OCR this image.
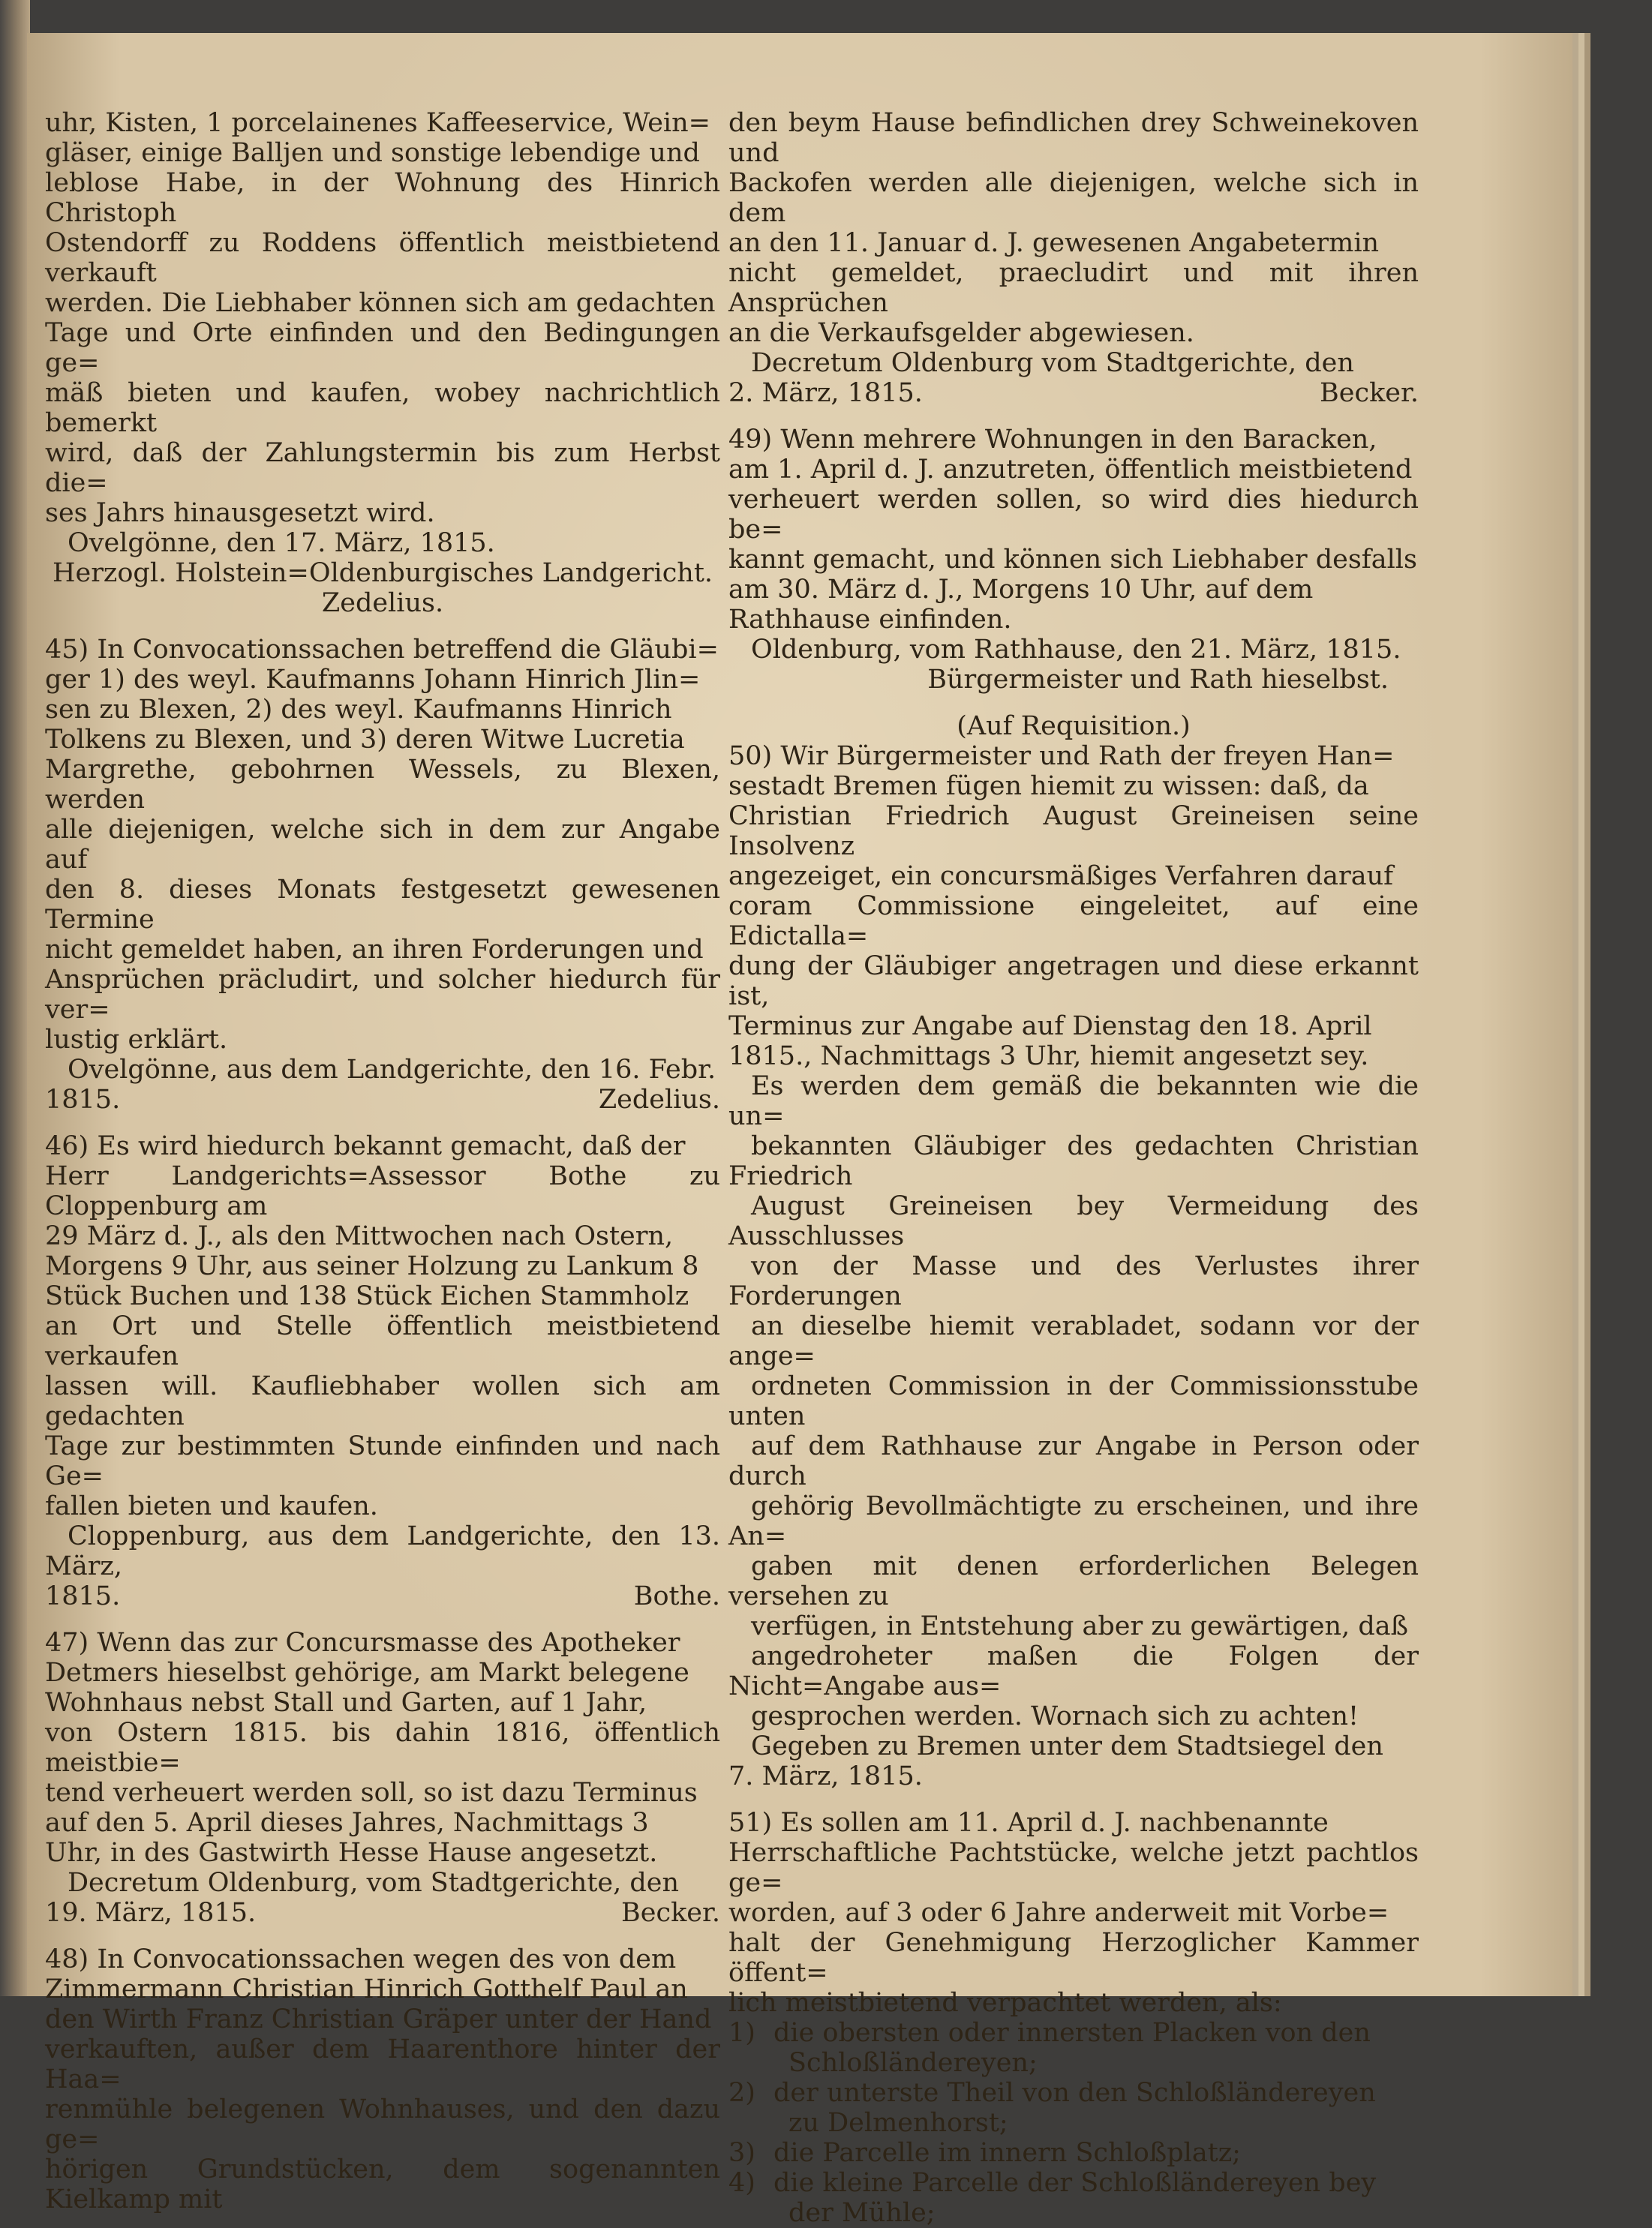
uhr, Kisten, 1 porcelainenes Kaffeeservice, Wein=
gläser, einige Balljen und sonstige lebendige und
leblose Habe, in der Wohnung des Hinrich Christoph
Ostendorff zu Roddens öffentlich meistbietend verkauft
werden. Die Liebhaber können sich am gedachten
Tage und Orte einfinden und den Bedingungen ge=
mäß bieten und kaufen, wobey nachrichtlich bemerkt
wird, daß der Zahlungstermin bis zum Herbst die=
ses Jahrs hinausgesetzt wird.
Ovelgönne, den 17. März, 1815.
Herzogl. Holstein=Oldenburgisches Landgericht.
Zedelius.
45) In Convocationssachen betreffend die Gläubi=
ger 1) des weyl. Kaufmanns Johann Hinrich Jlin=
sen zu Blexen, 2) des weyl. Kaufmanns Hinrich
Tolkens zu Blexen, und 3) deren Witwe Lucretia
Margrethe, gebohrnen Wessels, zu Blexen, werden
alle diejenigen, welche sich in dem zur Angabe auf
den 8. dieses Monats festgesetzt gewesenen Termine
nicht gemeldet haben, an ihren Forderungen und
Ansprüchen präcludirt, und solcher hiedurch für ver=
lustig erklärt.
Ovelgönne, aus dem Landgerichte, den 16. Febr.
1815.	Zedelius.
46) Es wird hiedurch bekannt gemacht, daß der
Herr Landgerichts=Assessor Bothe zu Cloppenburg am
29 März d. J., als den Mittwochen nach Ostern,
Morgens 9 Uhr, aus seiner Holzung zu Lankum 8
Stück Buchen und 138 Stück Eichen Stammholz
an Ort und Stelle öffentlich meistbietend verkaufen
lassen will. Kaufliebhaber wollen sich am gedachten
Tage zur bestimmten Stunde einfinden und nach Ge=
fallen bieten und kaufen.
Cloppenburg, aus dem Landgerichte, den 13. März,
1815.	Bothe.
47) Wenn das zur Concursmasse des Apotheker
Detmers hieselbst gehörige, am Markt belegene
Wohnhaus nebst Stall und Garten, auf 1 Jahr,
von Ostern 1815. bis dahin 1816, öffentlich meistbie=
tend verheuert werden soll, so ist dazu Terminus
auf den 5. April dieses Jahres, Nachmittags 3
Uhr, in des Gastwirth Hesse Hause angesetzt.
Decretum Oldenburg, vom Stadtgerichte, den
19. März, 1815.	Becker.
48) In Convocationssachen wegen des von dem
Zimmermann Christian Hinrich Gotthelf Paul an
den Wirth Franz Christian Gräper unter der Hand
verkauften, außer dem Haarenthore hinter der Haa=
renmühle belegenen Wohnhauses, und den dazu ge=
hörigen Grundstücken, dem sogenannten Kielkamp mit
den beym Hause befindlichen drey Schweinekoven und
Backofen werden alle diejenigen, welche sich in dem
an den 11. Januar d. J. gewesenen Angabetermin
nicht gemeldet, praecludirt und mit ihren Ansprüchen
an die Verkaufsgelder abgewiesen.
Decretum Oldenburg vom Stadtgerichte, den
2. März, 1815.	Becker.
49) Wenn mehrere Wohnungen in den Baracken,
am 1. April d. J. anzutreten, öffentlich meistbietend
verheuert werden sollen, so wird dies hiedurch be=
kannt gemacht, und können sich Liebhaber desfalls
am 30. März d. J., Morgens 10 Uhr, auf dem
Rathhause einfinden.
Oldenburg, vom Rathhause, den 21. März, 1815.
Bürgermeister und Rath hieselbst.
(Auf Requisition.)
50) Wir Bürgermeister und Rath der freyen Han=
sestadt Bremen fügen hiemit zu wissen: daß, da
Christian Friedrich August Greineisen seine Insolvenz
angezeiget, ein concursmäßiges Verfahren darauf
coram Commissione eingeleitet, auf eine Edictalla=
dung der Gläubiger angetragen und diese erkannt ist,
Terminus zur Angabe auf Dienstag den 18. April
1815., Nachmittags 3 Uhr, hiemit angesetzt sey.
Es werden dem gemäß die bekannten wie die un=
bekannten Gläubiger des gedachten Christian Friedrich
August Greineisen bey Vermeidung des Ausschlusses
von der Masse und des Verlustes ihrer Forderungen
an dieselbe hiemit verabladet, sodann vor der ange=
ordneten Commission in der Commissionsstube unten
auf dem Rathhause zur Angabe in Person oder durch
gehörig Bevollmächtigte zu erscheinen, und ihre An=
gaben mit denen erforderlichen Belegen versehen zu
verfügen, in Entstehung aber zu gewärtigen, daß
angedroheter maßen die Folgen der Nicht=Angabe aus=
gesprochen werden. Wornach sich zu achten!
Gegeben zu Bremen unter dem Stadtsiegel den
7. März, 1815.
51) Es sollen am 11. April d. J. nachbenannte
Herrschaftliche Pachtstücke, welche jetzt pachtlos ge=
worden, auf 3 oder 6 Jahre anderweit mit Vorbe=
halt der Genehmigung Herzoglicher Kammer öffent=
lich meistbietend verpachtet werden, als:
1) die obersten oder innersten Placken von den
Schloßländereyen;
2) der unterste Theil von den Schloßländereyen
zu Delmenhorst;
3) die Parcelle im innern Schloßplatz;
4) die kleine Parcelle der Schloßländereyen bey
der Mühle;
